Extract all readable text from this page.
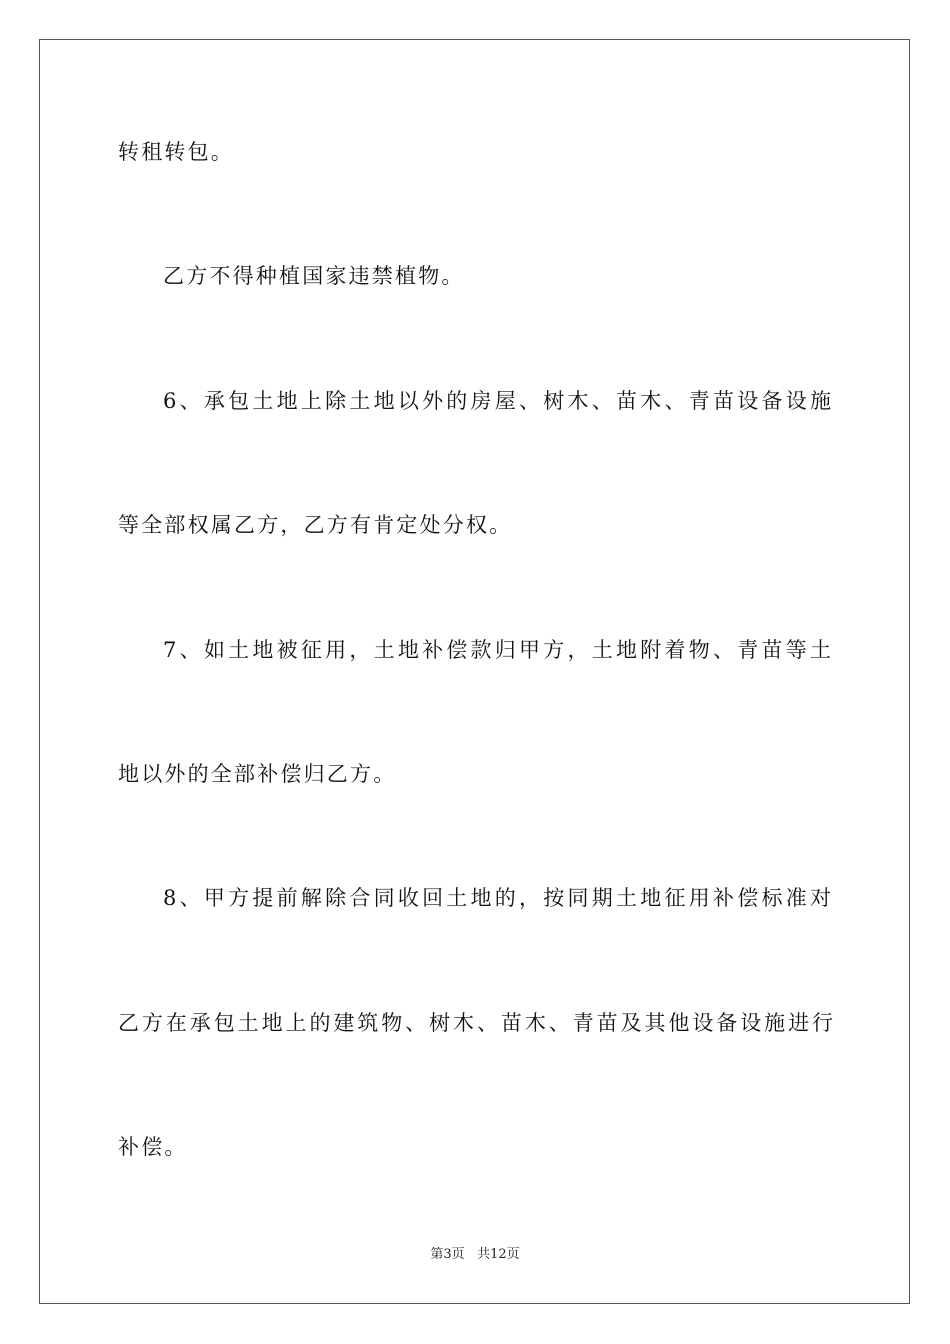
转租转包。
乙方不得种植国家违禁植物。
6、承包土地上除土地以外的房屋、树木、苗木、青苗设备设施
等全部权属乙方，乙方有肯定处分权。
7、如土地被征用，土地补偿款归甲方，土地附着物、青苗等土
地以外的全部补偿归乙方。
8、甲方提前解除合同收回土地的，按同期土地征用补偿标准对
乙方在承包土地上的建筑物、树木、苗木、青苗及其他设备设施进行
补偿。
第3页 共12页
